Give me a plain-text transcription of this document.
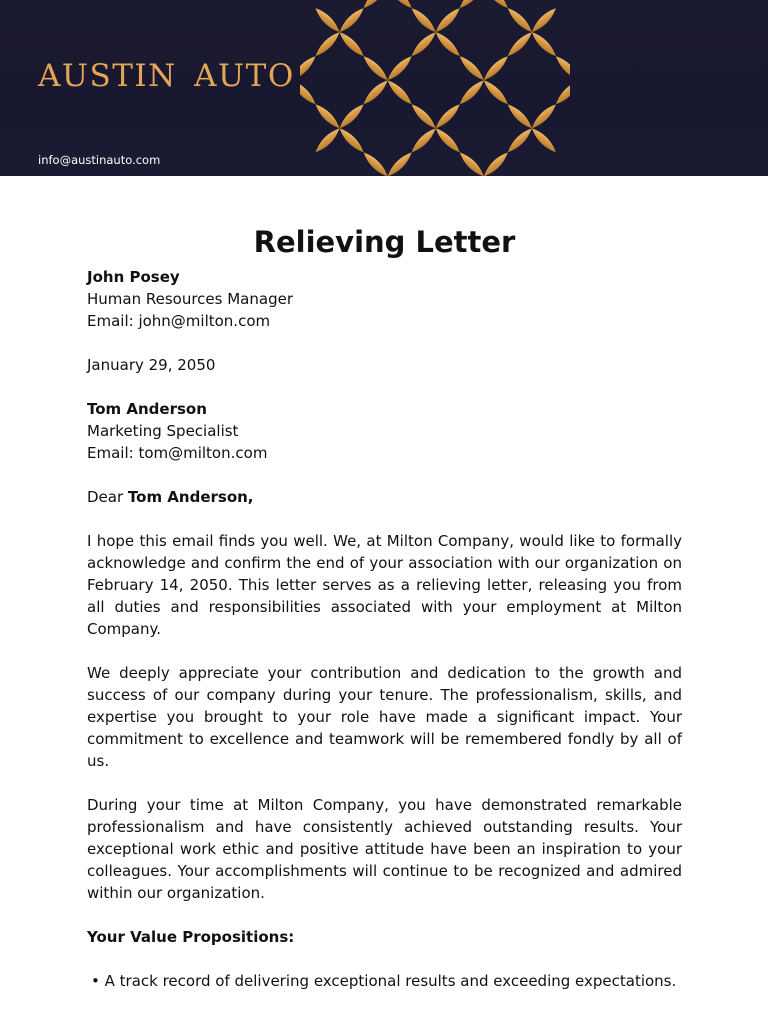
AUSTIN AUTO
info@austinauto.com
Relieving Letter
John Posey
Human Resources Manager
Email: john@milton.com
January 29, 2050
Tom Anderson
Marketing Specialist
Email: tom@milton.com
Dear Tom Anderson,

I hope this email finds you well. We, at Milton Company, would like to formally acknowledge and confirm the end of your association with our organization on February 14, 2050. This letter serves as a relieving letter, releasing you from all duties and responsibilities associated with your employment at Milton Company.

We deeply appreciate your contribution and dedication to the growth and success of our company during your tenure. The professionalism, skills, and expertise you brought to your role have made a significant impact. Your commitment to excellence and teamwork will be remembered fondly by all of us.

During your time at Milton Company, you have demonstrated remarkable professionalism and have consistently achieved outstanding results. Your exceptional work ethic and positive attitude have been an inspiration to your colleagues. Your accomplishments will continue to be recognized and admired within our organization.

Your Value Propositions:
• A track record of delivering exceptional results and exceeding expectations.
